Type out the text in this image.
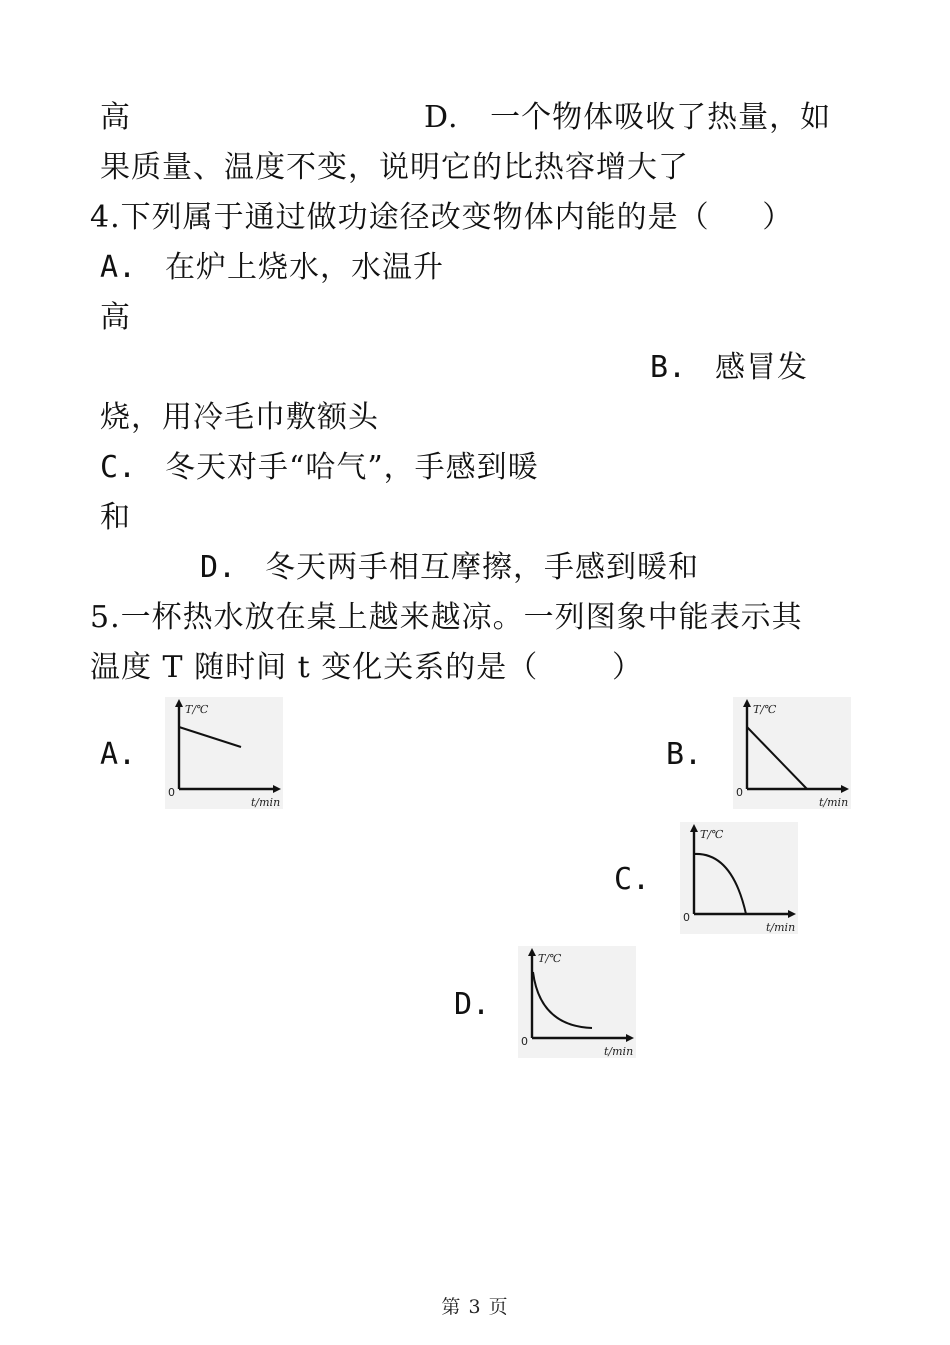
高	D.   一个物体吸收了热量，如
果质量、温度不变，说明它的比热容增大了
4.下列属于通过做功途径改变物体内能的是（     ）
A. 在炉上烧水，水温升
高
B. 感冒发
烧，用冷毛巾敷额头
C. 冬天对手“哈气”，手感到暖
和
D. 冬天两手相互摩擦，手感到暖和
5.一杯热水放在桌上越来越凉。一列图象中能表示其
温度 T 随时间 t 变化关系的是（       ）
A.
T/℃
t/min
0
B.
T/℃
t/min
0
C.
T/℃
t/min
0
D.
T/℃
t/min
0
第 3 页
